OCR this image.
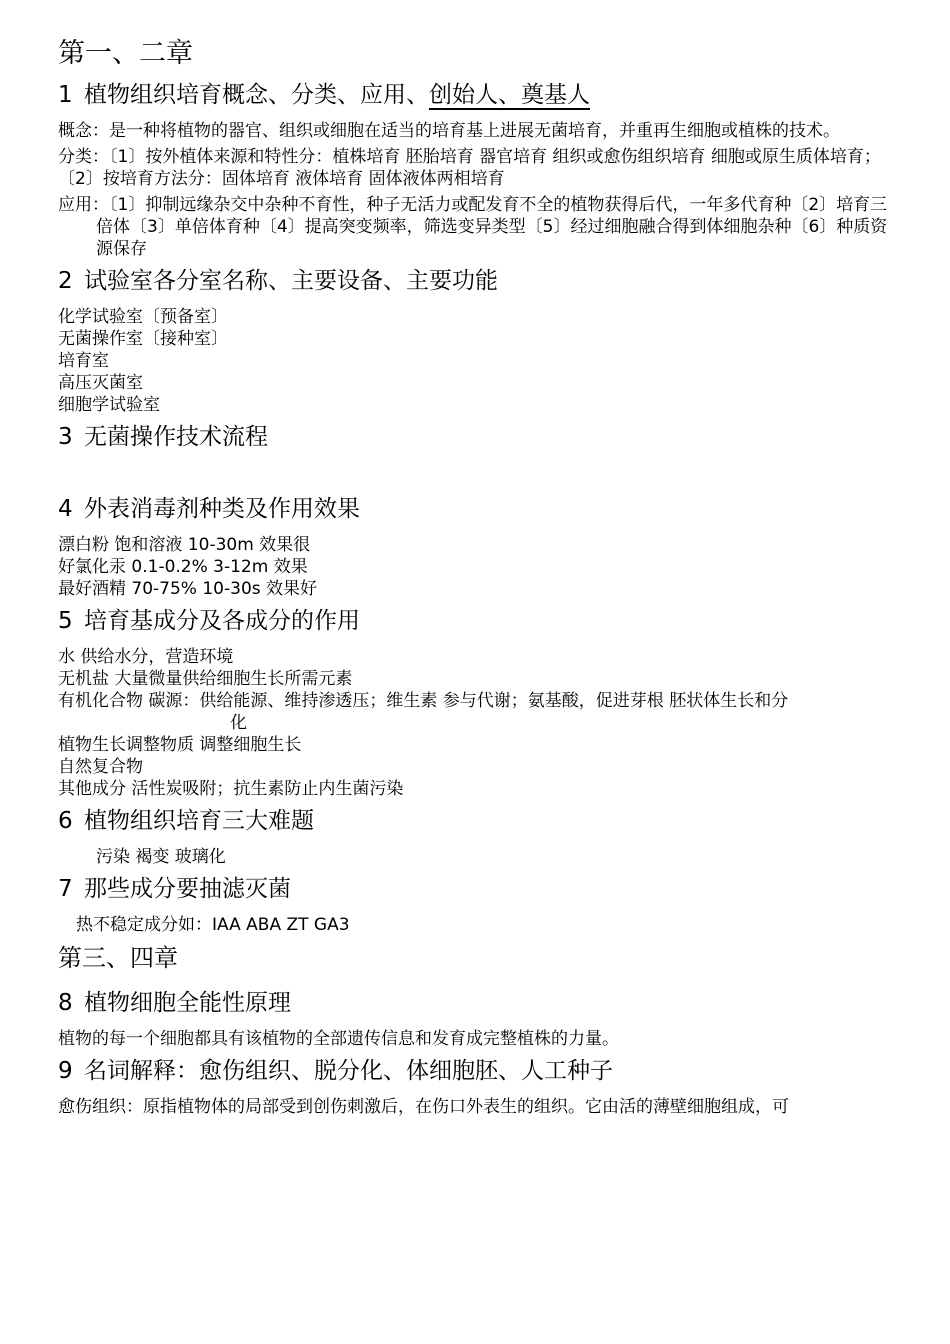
第一、二章
1 植物组织培育概念、分类、应用、创始人、奠基人
概念：是一种将植物的器官、组织或细胞在适当的培育基上进展无菌培育，并重再生细胞或植株的技术。
分类：〔1〕按外植体来源和特性分：植株培育 胚胎培育 器官培育 组织或愈伤组织培育 细胞或原生质体培育；〔2〕按培育方法分：固体培育 液体培育 固体液体两相培育
应用：〔1〕抑制远缘杂交中杂种不育性，种子无活力或配发育不全的植物获得后代，一年多代育种〔2〕培育三倍体〔3〕单倍体育种〔4〕提高突变频率，筛选变异类型〔5〕经过细胞融合得到体细胞杂种〔6〕种质资源保存
2 试验室各分室名称、主要设备、主要功能
化学试验室〔预备室〕
无菌操作室〔接种室〕
培育室
高压灭菌室
细胞学试验室
3 无菌操作技术流程
4 外表消毒剂种类及作用效果
漂白粉 饱和溶液 10-30m 效果很
好氯化汞 0.1-0.2% 3-12m 效果
最好酒精 70-75% 10-30s 效果好
5 培育基成分及各成分的作用
水 供给水分，营造环境
无机盐 大量微量供给细胞生长所需元素
有机化合物 碳源：供给能源、维持渗透压；维生素 参与代谢；氨基酸，促进芽根 胚状体生长和分
化
植物生长调整物质 调整细胞生长
自然复合物
其他成分 活性炭吸附；抗生素防止内生菌污染
6 植物组织培育三大难题
污染 褐变 玻璃化
7 那些成分要抽滤灭菌
热不稳定成分如：IAA ABA ZT GA3
第三、四章
8 植物细胞全能性原理
植物的每一个细胞都具有该植物的全部遗传信息和发育成完整植株的力量。
9 名词解释：愈伤组织、脱分化、体细胞胚、人工种子
愈伤组织：原指植物体的局部受到创伤刺激后，在伤口外表生的组织。它由活的薄壁细胞组成，可
